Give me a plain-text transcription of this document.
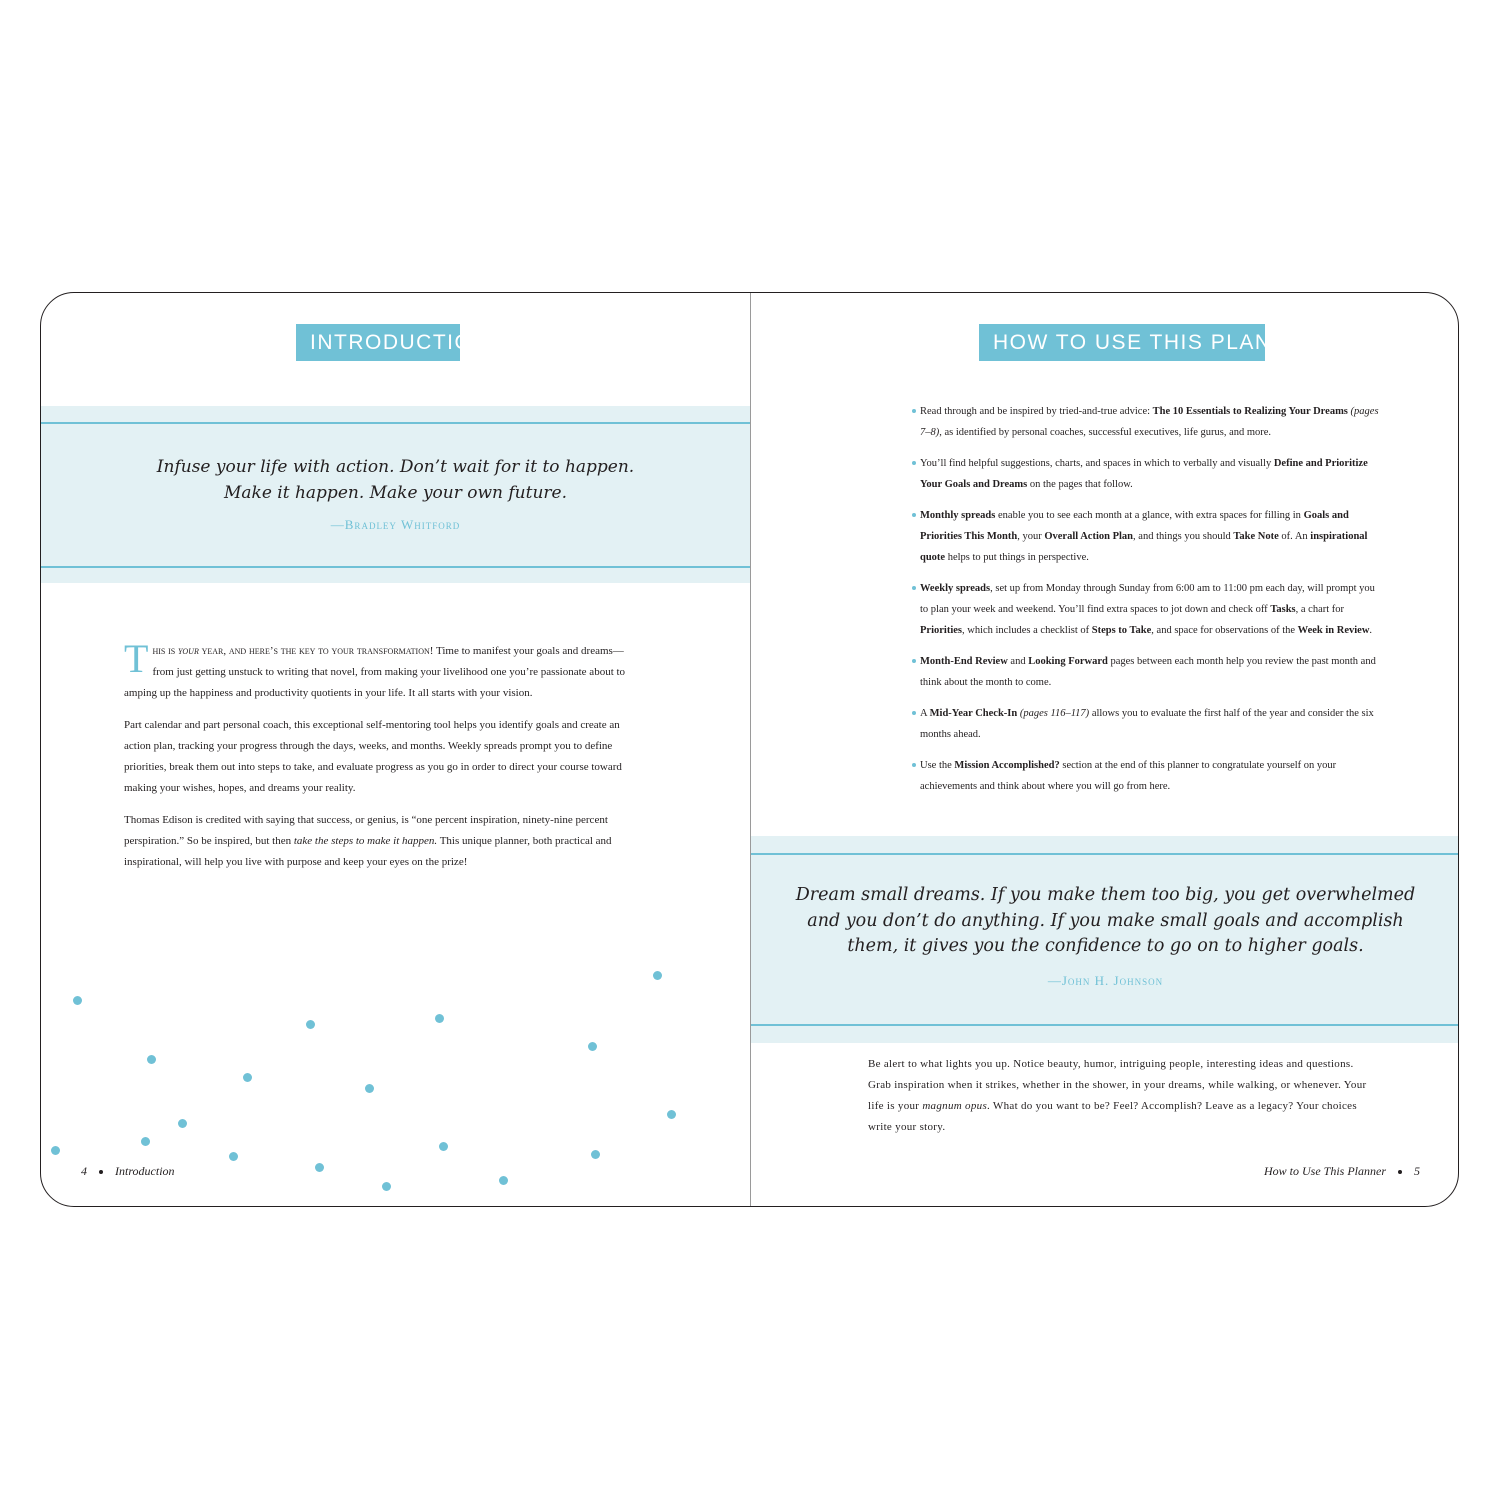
INTRODUCTION
Infuse your life with action. Don’t wait for it to happen.
Make it happen. Make your own future.
—Bradley Whitford

This is your year, and here’s the key to your transformation! Time to manifest your goals and dreams—from just getting unstuck to writing that novel, from making your livelihood one you’re passionate about to amping up the happiness and productivity quotients in your life. It all starts with your vision.

Part calendar and part personal coach, this exceptional self-mentoring tool helps you identify goals and create an action plan, tracking your progress through the days, weeks, and months. Weekly spreads prompt you to define priorities, break them out into steps to take, and evaluate progress as you go in order to direct your course toward making your wishes, hopes, and dreams your reality.

Thomas Edison is credited with saying that success, or genius, is “one percent inspiration, ninety-nine percent perspiration.” So be inspired, but then take the steps to make it happen. This unique planner, both practical and inspirational, will help you live with purpose and keep your eyes on the prize!

4 Introduction
HOW TO USE THIS PLANNER
Read through and be inspired by tried-and-true advice: The 10 Essentials to Realizing Your Dreams (pages 7–8), as identified by personal coaches, successful executives, life gurus, and more.
You’ll find helpful suggestions, charts, and spaces in which to verbally and visually Define and Prioritize Your Goals and Dreams on the pages that follow.
Monthly spreads enable you to see each month at a glance, with extra spaces for filling in Goals and Priorities This Month, your Overall Action Plan, and things you should Take Note of. An inspirational quote helps to put things in perspective.
Weekly spreads, set up from Monday through Sunday from 6:00 am to 11:00 pm each day, will prompt you to plan your week and weekend. You’ll find extra spaces to jot down and check off Tasks, a chart for Priorities, which includes a checklist of Steps to Take, and space for observations of the Week in Review.
Month-End Review and Looking Forward pages between each month help you review the past month and think about the month to come.
A Mid-Year Check-In (pages 116–117) allows you to evaluate the first half of the year and consider the six months ahead.
Use the Mission Accomplished? section at the end of this planner to congratulate yourself on your achievements and think about where you will go from here.
Dream small dreams. If you make them too big, you get overwhelmed
and you don’t do anything. If you make small goals and accomplish
them, it gives you the confidence to go on to higher goals.
—John H. Johnson
Be alert to what lights you up. Notice beauty, humor, intriguing people, interesting ideas and questions. Grab inspiration when it strikes, whether in the shower, in your dreams, while walking, or whenever. Your life is your magnum opus. What do you want to be? Feel? Accomplish? Leave as a legacy? Your choices write your story.
How to Use This Planner 5
